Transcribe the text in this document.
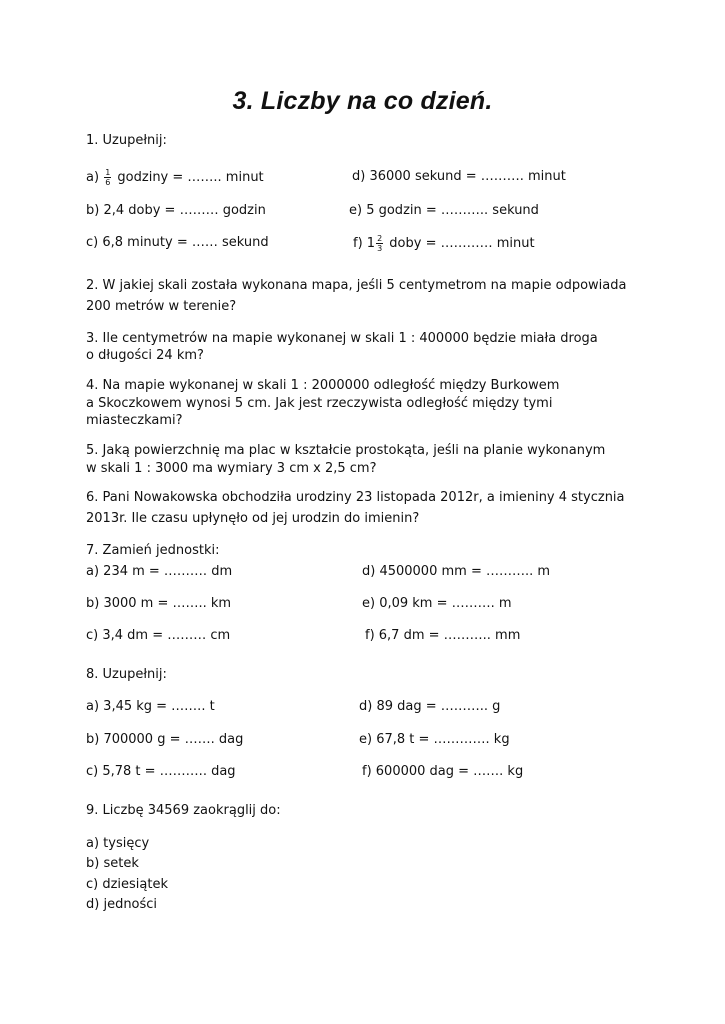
3. Liczby na co dzień.
1. Uzupełnij:
$a) \frac{1}{6}$ godziny = …….. minut	d) 36000 sekund = ………. minut
b) 2,4 doby = ……… godzin	e) 5 godzin = ……….. sekund
c) 6,8 minuty = …… sekund	f) $1 \frac{2}{3}$ doby = ………… minut
2. W jakiej skali została wykonana mapa, jeśli 5 centymetrom na mapie odpowiada
200 metrów w terenie?
3. Ile centymetrów na mapie wykonanej w skali 1 : 400000 będzie miała droga
o długości 24 km?
4. Na mapie wykonanej w skali 1 : 2000000 odległość między Burkowem
a Skoczkowem wynosi 5 cm. Jak jest rzeczywista odległość między tymi
miasteczkami?
5. Jaką powierzchnię ma plac w kształcie prostokąta, jeśli na planie wykonanym
w skali 1 : 3000 ma wymiary 3 cm x 2,5 cm?
6. Pani Nowakowska obchodziła urodziny 23 listopada 2012r, a imieniny 4 stycznia
2013r. Ile czasu upłynęło od jej urodzin do imienin?
7. Zamień jednostki:
a) 234 m = ………. dm	d) 4500000 mm = ……….. m
b) 3000 m = …….. km	e) 0,09 km = ………. m
c) 3,4 dm = ……… cm	f) 6,7 dm = ……….. mm
8. Uzupełnij:
a) 3,45 kg = …….. t	d) 89 dag = ……….. g
b) 700000 g = ……. dag	e) 67,8 t = …………. kg
c) 5,78 t = ……….. dag	f) 600000 dag = ……. kg
9. Liczbę 34569 zaokrąglij do:
a) tysięcy
b) setek
c) dziesiątek
d) jedności
